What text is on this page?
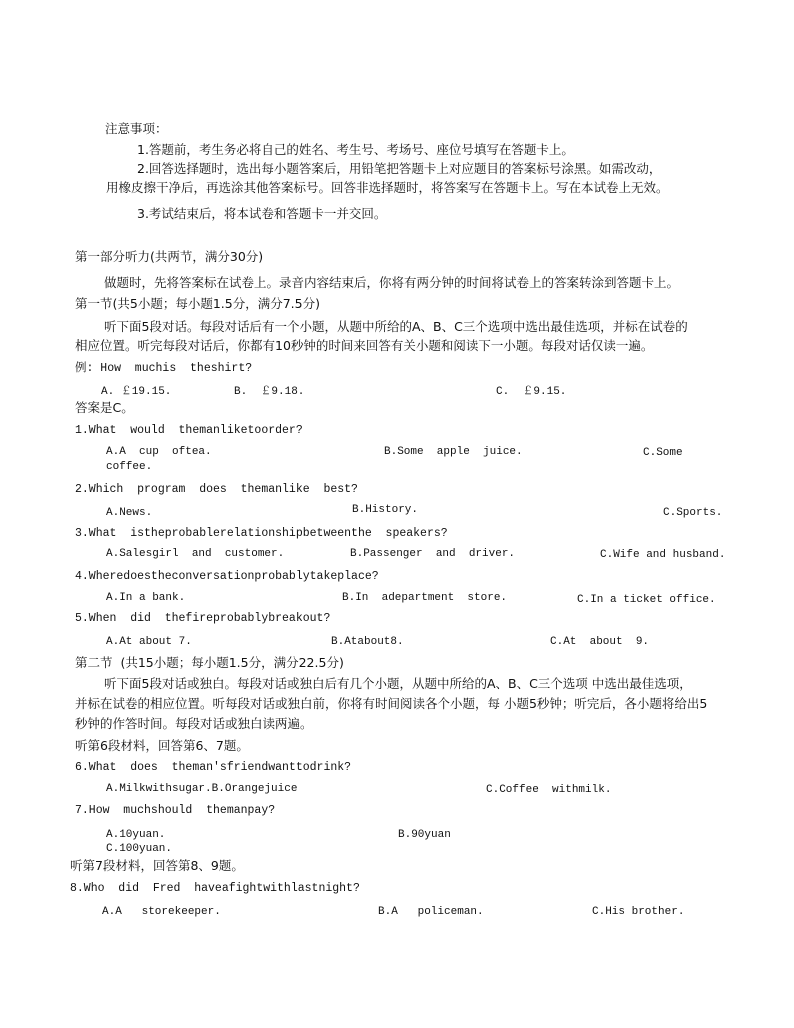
注意事项：
1.答题前，考生务必将自己的姓名、考生号、考场号、座位号填写在答题卡上。
2.回答选择题时，选出每小题答案后，用铅笔把答题卡上对应题目的答案标号涂黑。如需改动，
用橡皮擦干净后，再选涂其他答案标号。回答非选择题时，将答案写在答题卡上。写在本试卷上无效。
3.考试结束后，将本试卷和答题卡一并交回。
第一部分听力(共两节，满分30分)
做题时，先将答案标在试卷上。录音内容结束后，你将有两分钟的时间将试卷上的答案转涂到答题卡上。
第一节(共5小题；每小题1.5分，满分7.5分)
听下面5段对话。每段对话后有一个小题，从题中所给的A、B、C三个选项中选出最佳选项，并标在试卷的
相应位置。听完每段对话后，你都有10秒钟的时间来回答有关小题和阅读下一小题。每段对话仅读一遍。
例: How  muchis  theshirt?
A. ￡19.15.	B.  ￡9.18.	C.  ￡9.15.
答案是C。
1.What  would  themanliketoorder?
A.A  cup  oftea.	B.Some  apple  juice.	C.Some
coffee.
2.Which  program  does  themanlike  best?
A.News.	B.History.	C.Sports.
3.What  istheprobablerelationshipbetweenthe  speakers?
A.Salesgirl  and  customer.	B.Passenger  and  driver.	C.Wife and husband.
4.Wheredoestheconversationprobablytakeplace?
A.In a bank.	B.In  adepartment  store.	C.In a ticket office.
5.When  did  thefireprobablybreakout?
A.At about 7.	B.Atabout8.	C.At  about  9.
第二节  (共15小题；每小题1.5分，满分22.5分)
听下面5段对话或独白。每段对话或独白后有几个小题，从题中所给的A、B、C三个选项 中选出最佳选项，
并标在试卷的相应位置。听每段对话或独白前，你将有时间阅读各个小题，每 小题5秒钟；听完后，各小题将给出5
秒钟的作答时间。每段对话或独白读两遍。
听第6段材料，回答第6、7题。
6.What  does  theman'sfriendwanttodrink?
A.Milkwithsugar.B.Orangejuice	C.Coffee  withmilk.
7.How  muchshould  themanpay?
A.10yuan.	B.90yuan
C.100yuan.
听第7段材料，回答第8、9题。
8.Who  did  Fred  haveafightwithlastnight?
A.A   storekeeper.	B.A   policeman.	C.His brother.
